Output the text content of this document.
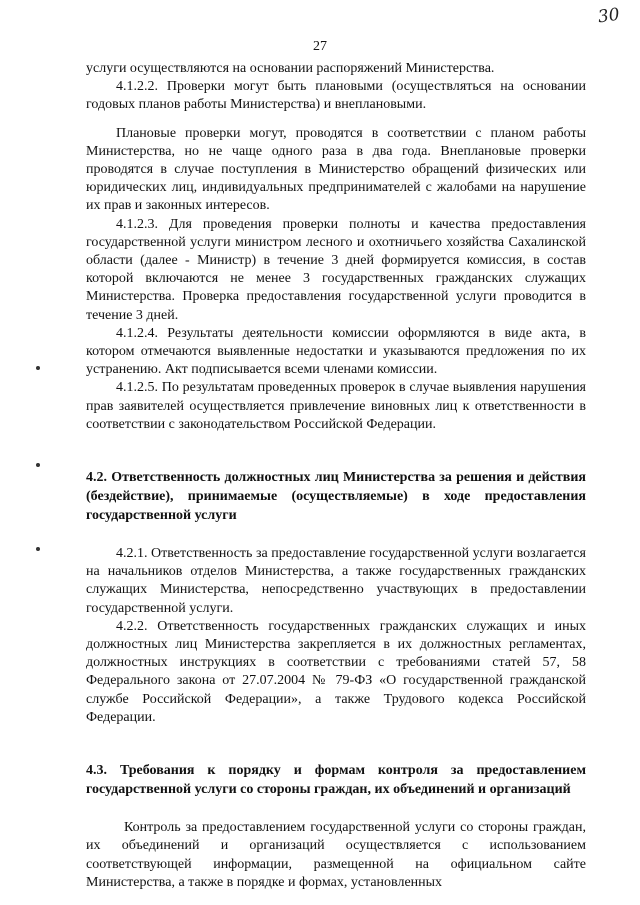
30
27

услуги осуществляются на основании распоряжений Министерства.

4.1.2.2. Проверки могут быть плановыми (осуществляться на основании годовых планов работы Министерства) и внеплановыми.

Плановые проверки могут, проводятся в соответствии с планом работы Министерства, но не чаще одного раза в два года. Внеплановые проверки проводятся в случае поступления в Министерство обращений физических или юридических лиц, индивидуальных предпринимателей с жалобами на нарушение их прав и законных интересов.

4.1.2.3. Для проведения проверки полноты и качества предоставления государственной услуги министром лесного и охотничьего хозяйства Сахалинской области (далее - Министр) в течение 3 дней формируется комиссия, в состав которой включаются не менее 3 государственных гражданских служащих Министерства. Проверка предоставления государственной услуги проводится в течение 3 дней.

4.1.2.4. Результаты деятельности комиссии оформляются в виде акта, в котором отмечаются выявленные недостатки и указываются предложения по их устранению. Акт подписывается всеми членами комиссии.

4.1.2.5. По результатам проведенных проверок в случае выявления нарушения прав заявителей осуществляется привлечение виновных лиц к ответственности в соответствии с законодательством Российской Федерации.

4.2. Ответственность должностных лиц Министерства за решения и действия (бездействие), принимаемые (осуществляемые) в ходе предоставления государственной услуги

4.2.1. Ответственность за предоставление государственной услуги возлагается на начальников отделов Министерства, а также государственных гражданских служащих Министерства, непосредственно участвующих в предоставлении государственной услуги.

4.2.2. Ответственность государственных гражданских служащих и иных должностных лиц Министерства закрепляется в их должностных регламентах, должностных инструкциях в соответствии с требованиями статей 57, 58 Федерального закона от 27.07.2004 № 79-ФЗ «О государственной гражданской службе Российской Федерации», а также Трудового кодекса Российской Федерации.

4.3. Требования к порядку и формам контроля за предоставлением государственной услуги со стороны граждан, их объединений и организаций

Контроль за предоставлением государственной услуги со стороны граждан, их объединений и организаций осуществляется с использованием соответствующей информации, размещенной на официальном сайте Министерства, а также в порядке и формах, установленных
